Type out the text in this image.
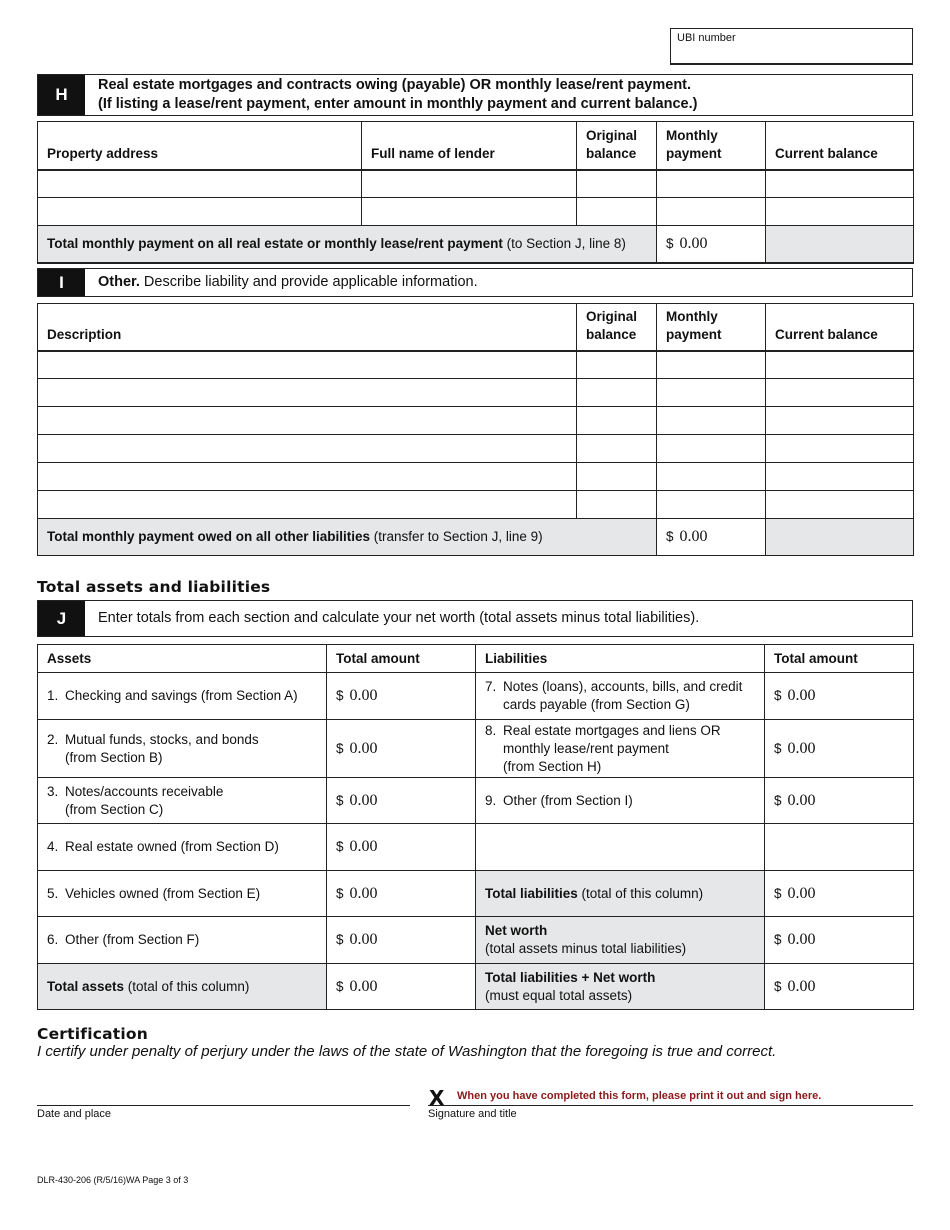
UBI number
H	Real estate mortgages and contracts owing (payable) OR monthly lease/rent payment.
(If listing a lease/rent payment, enter amount in monthly payment and current balance.)
Property address	Full name of lender	Original balance	Monthly payment	Current balance

Total monthly payment on all real estate or monthly lease/rent payment (to Section J, line 8)			$ 0.00	
I	Other. Describe liability and provide applicable information.
Description	Original balance	Monthly payment	Current balance

Total monthly payment owed on all other liabilities (transfer to Section J, line 9)		$ 0.00	
Total assets and liabilities
J	Enter totals from each section and calculate your net worth (total assets minus total liabilities).
Assets	Total amount	Liabilities	Total amount

1. Checking and savings (from Section A)	$ 0.00	7. Notes (loans), accounts, bills, and credit
cards payable (from Section G)	$ 0.00

2. Mutual funds, stocks, and bonds
(from Section B)	$ 0.00	8. Real estate mortgages and liens OR
monthly lease/rent payment
(from Section H)	$ 0.00

3. Notes/accounts receivable
(from Section C)	$ 0.00	9. Other (from Section I)	$ 0.00

4. Real estate owned (from Section D)	$ 0.00		

5. Vehicles owned (from Section E)	$ 0.00	Total liabilities (total of this column)	$ 0.00

6. Other (from Section F)	$ 0.00	Net worth
(total assets minus total liabilities)	$ 0.00
Total assets (total of this column)	$ 0.00	Total liabilities + Net worth
(must equal total assets)	$ 0.00
Certification
I certify under penalty of perjury under the laws of the state of Washington that the foregoing is true and correct.
Date and place
X When you have completed this form, please print it out and sign here.
Signature and title
DLR-430-206 (R/5/16)WA Page 3 of 3
